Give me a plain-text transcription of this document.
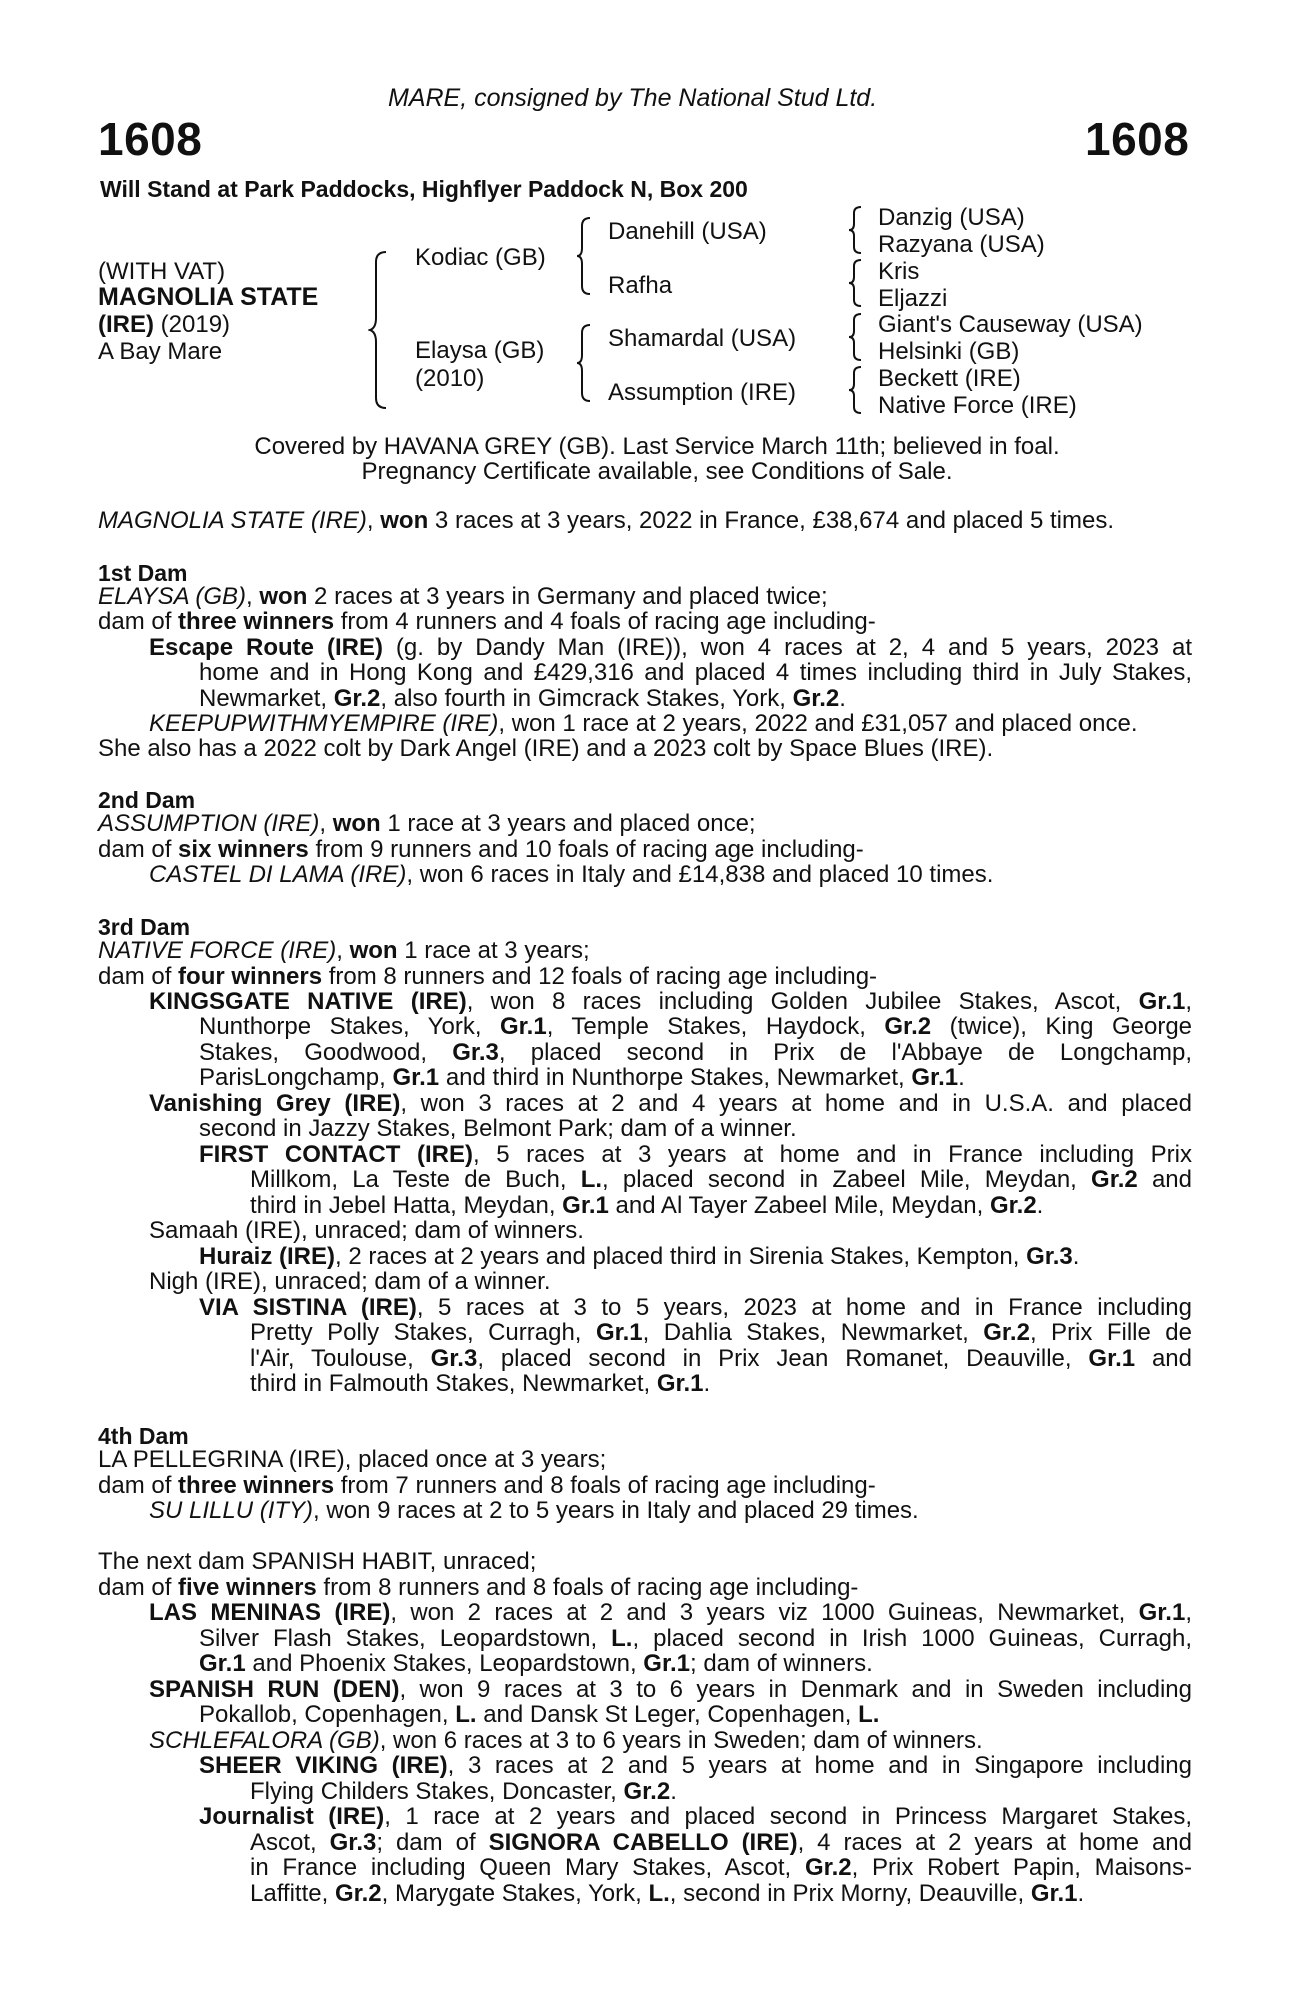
MARE, consigned by The National Stud Ltd.
1608	1608
Will Stand at Park Paddocks, Highflyer Paddock N, Box 200
(WITH VAT)
MAGNOLIA STATE
(IRE) (2019)
A Bay Mare
Kodiac (GB)
Elaysa (GB)
(2010)
Danehill (USA)
Rafha
Shamardal (USA)
Assumption (IRE)
Danzig (USA)
Razyana (USA)
Kris
Eljazzi
Giant's Causeway (USA)
Helsinki (GB)
Beckett (IRE)
Native Force (IRE)
Covered by HAVANA GREY (GB). Last Service March 11th; believed in foal.
Pregnancy Certificate available, see Conditions of Sale.
MAGNOLIA STATE (IRE), won 3 races at 3 years, 2022 in France, £38,674 and placed 5 times.
1st Dam
ELAYSA (GB), won 2 races at 3 years in Germany and placed twice;
dam of three winners from 4 runners and 4 foals of racing age including-
Escape Route (IRE) (g. by Dandy Man (IRE)), won 4 races at 2, 4 and 5 years, 2023 at
home and in Hong Kong and £429,316 and placed 4 times including third in July Stakes,
Newmarket, Gr.2, also fourth in Gimcrack Stakes, York, Gr.2.
KEEPUPWITHMYEMPIRE (IRE), won 1 race at 2 years, 2022 and £31,057 and placed once.
She also has a 2022 colt by Dark Angel (IRE) and a 2023 colt by Space Blues (IRE).
2nd Dam
ASSUMPTION (IRE), won 1 race at 3 years and placed once;
dam of six winners from 9 runners and 10 foals of racing age including-
CASTEL DI LAMA (IRE), won 6 races in Italy and £14,838 and placed 10 times.
3rd Dam
NATIVE FORCE (IRE), won 1 race at 3 years;
dam of four winners from 8 runners and 12 foals of racing age including-
KINGSGATE NATIVE (IRE), won 8 races including Golden Jubilee Stakes, Ascot, Gr.1,
Nunthorpe Stakes, York, Gr.1, Temple Stakes, Haydock, Gr.2 (twice), King George
Stakes, Goodwood, Gr.3, placed second in Prix de l'Abbaye de Longchamp,
ParisLongchamp, Gr.1 and third in Nunthorpe Stakes, Newmarket, Gr.1.
Vanishing Grey (IRE), won 3 races at 2 and 4 years at home and in U.S.A. and placed
second in Jazzy Stakes, Belmont Park; dam of a winner.
FIRST CONTACT (IRE), 5 races at 3 years at home and in France including Prix
Millkom, La Teste de Buch, L., placed second in Zabeel Mile, Meydan, Gr.2 and
third in Jebel Hatta, Meydan, Gr.1 and Al Tayer Zabeel Mile, Meydan, Gr.2.
Samaah (IRE), unraced; dam of winners.
Huraiz (IRE), 2 races at 2 years and placed third in Sirenia Stakes, Kempton, Gr.3.
Nigh (IRE), unraced; dam of a winner.
VIA SISTINA (IRE), 5 races at 3 to 5 years, 2023 at home and in France including
Pretty Polly Stakes, Curragh, Gr.1, Dahlia Stakes, Newmarket, Gr.2, Prix Fille de
l'Air, Toulouse, Gr.3, placed second in Prix Jean Romanet, Deauville, Gr.1 and
third in Falmouth Stakes, Newmarket, Gr.1.
4th Dam
LA PELLEGRINA (IRE), placed once at 3 years;
dam of three winners from 7 runners and 8 foals of racing age including-
SU LILLU (ITY), won 9 races at 2 to 5 years in Italy and placed 29 times.
The next dam SPANISH HABIT, unraced;
dam of five winners from 8 runners and 8 foals of racing age including-
LAS MENINAS (IRE), won 2 races at 2 and 3 years viz 1000 Guineas, Newmarket, Gr.1,
Silver Flash Stakes, Leopardstown, L., placed second in Irish 1000 Guineas, Curragh,
Gr.1 and Phoenix Stakes, Leopardstown, Gr.1; dam of winners.
SPANISH RUN (DEN), won 9 races at 3 to 6 years in Denmark and in Sweden including
Pokallob, Copenhagen, L. and Dansk St Leger, Copenhagen, L.
SCHLEFALORA (GB), won 6 races at 3 to 6 years in Sweden; dam of winners.
SHEER VIKING (IRE), 3 races at 2 and 5 years at home and in Singapore including
Flying Childers Stakes, Doncaster, Gr.2.
Journalist (IRE), 1 race at 2 years and placed second in Princess Margaret Stakes,
Ascot, Gr.3; dam of SIGNORA CABELLO (IRE), 4 races at 2 years at home and
in France including Queen Mary Stakes, Ascot, Gr.2, Prix Robert Papin, Maisons-
Laffitte, Gr.2, Marygate Stakes, York, L., second in Prix Morny, Deauville, Gr.1.
